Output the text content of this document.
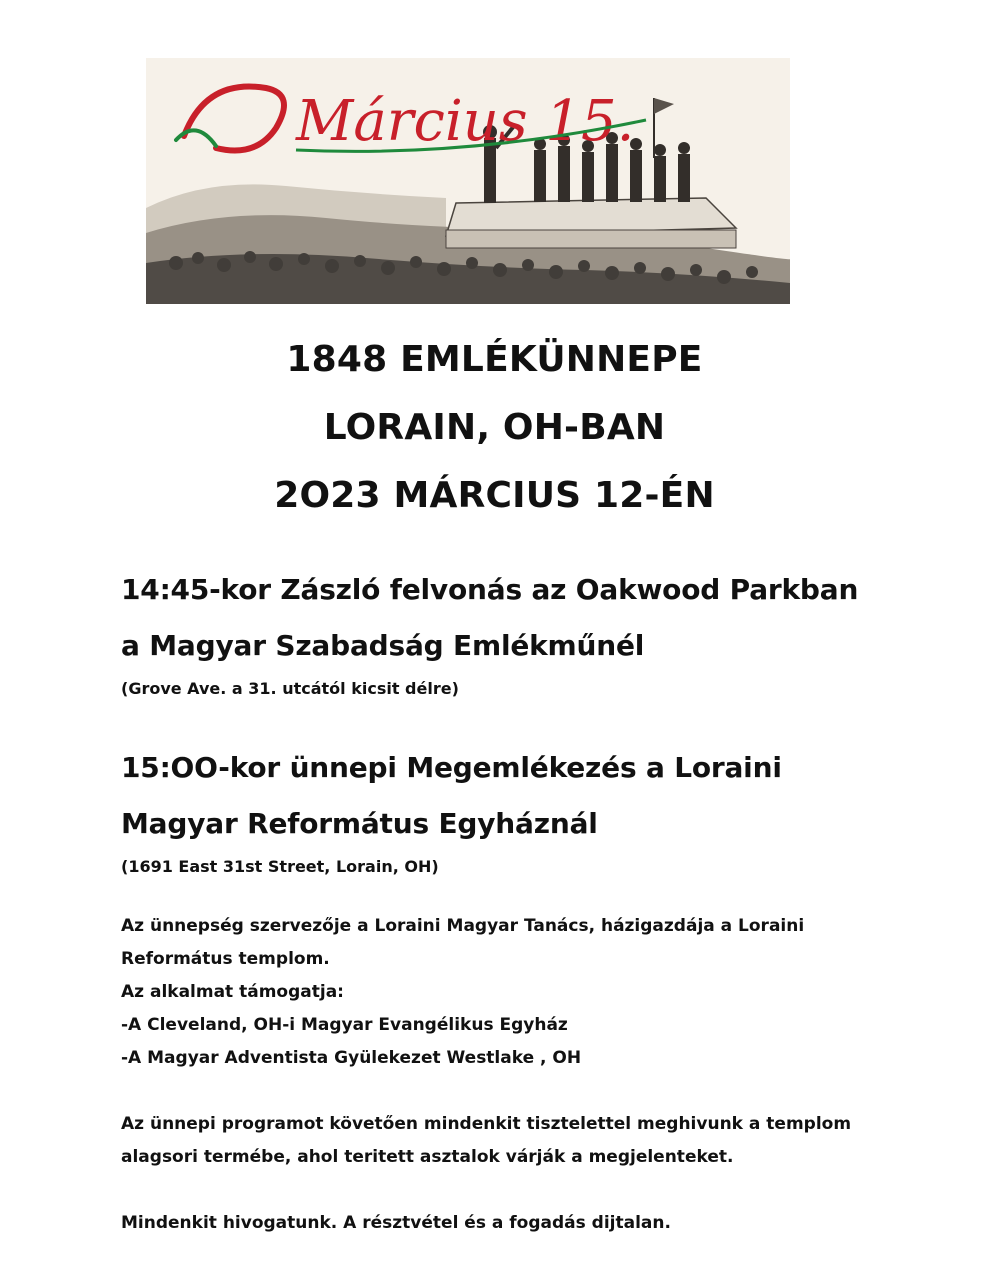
Március 15.
1848 EMLÉKÜNNEPE
LORAIN, OH-BAN
2O23 MÁRCIUS 12-ÉN
14:45-kor Zászló felvonás az Oakwood Parkban
a Magyar Szabadság Emlékműnél
(Grove Ave. a 31. utcától kicsit délre)
15:OO-kor ünnepi Megemlékezés a Loraini
Magyar Református Egyháznál
(1691 East 31st Street, Lorain, OH)
Az ünnepség szervezője a Loraini Magyar Tanács, házigazdája a Loraini
Református templom.
Az alkalmat támogatja:
-A Cleveland, OH-i Magyar Evangélikus Egyház
-A Magyar Adventista Gyülekezet Westlake , OH
Az ünnepi programot követően mindenkit tisztelettel meghivunk a templom
alagsori termébe, ahol teritett asztalok várják a megjelenteket.
Mindenkit hivogatunk. A résztvétel és a fogadás dijtalan.
